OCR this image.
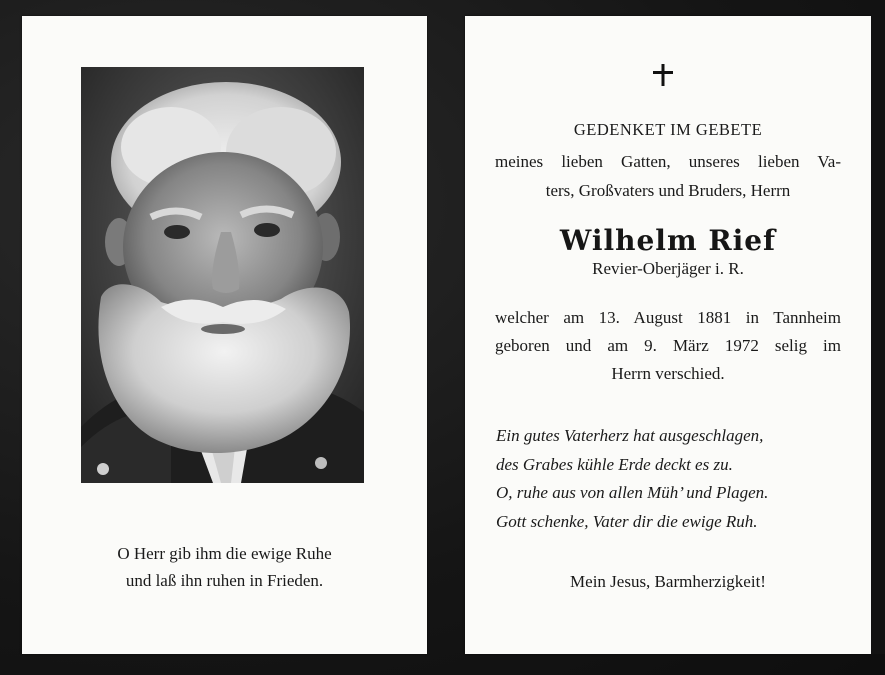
O Herr gib ihm die ewige Ruhe
und laß ihn ruhen in Frieden.
GEDENKET IM GEBETE
meines lieben Gatten, unseres lieben Va-
ters, Großvaters und Bruders, Herrn
Wilhelm Rief
Revier-Oberjäger i. R.
welcher am 13. August 1881 in Tannheim
geboren und am 9. März 1972 selig im
Herrn verschied.
Ein gutes Vaterherz hat ausgeschlagen,
des Grabes kühle Erde deckt es zu.
O, ruhe aus von allen Müh’ und Plagen.
Gott schenke, Vater dir die ewige Ruh.
Mein Jesus, Barmherzigkeit!
